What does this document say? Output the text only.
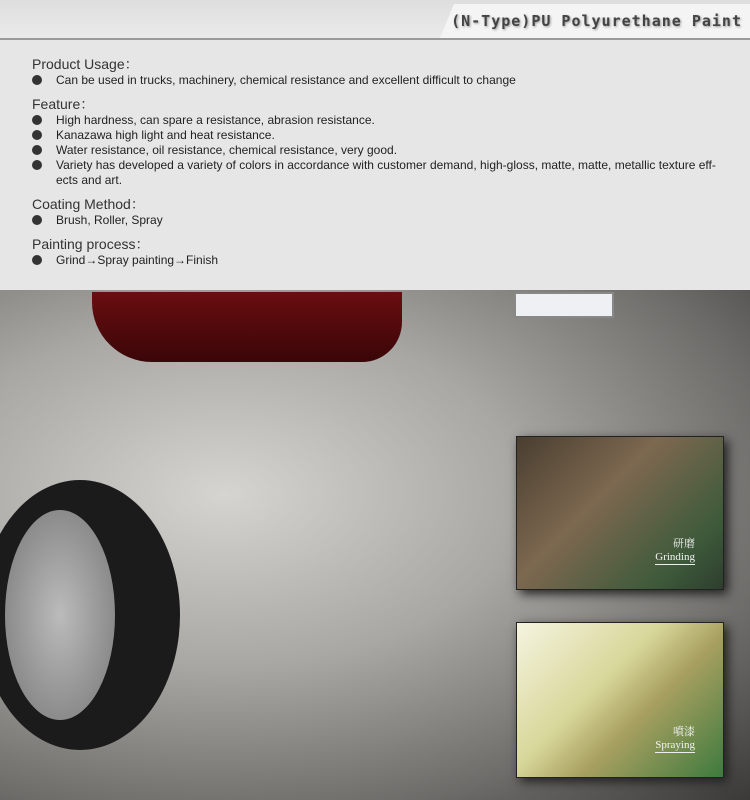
(N-Type)PU Polyurethane Paint
Product Usage：
Can be used in trucks, machinery, chemical resistance and excellent difficult to change
Feature：
High hardness, can spare a resistance, abrasion resistance.
Kanazawa high light and heat resistance.
Water resistance, oil resistance, chemical resistance, very good.
Variety has developed a variety of colors in accordance with customer demand, high-gloss, matte, matte, metallic texture eff-ects and art.
Coating Method：
Brush, Roller, Spray
Painting process：
Grind→Spray painting→Finish
研磨
Grinding
噴漆
Spraying
